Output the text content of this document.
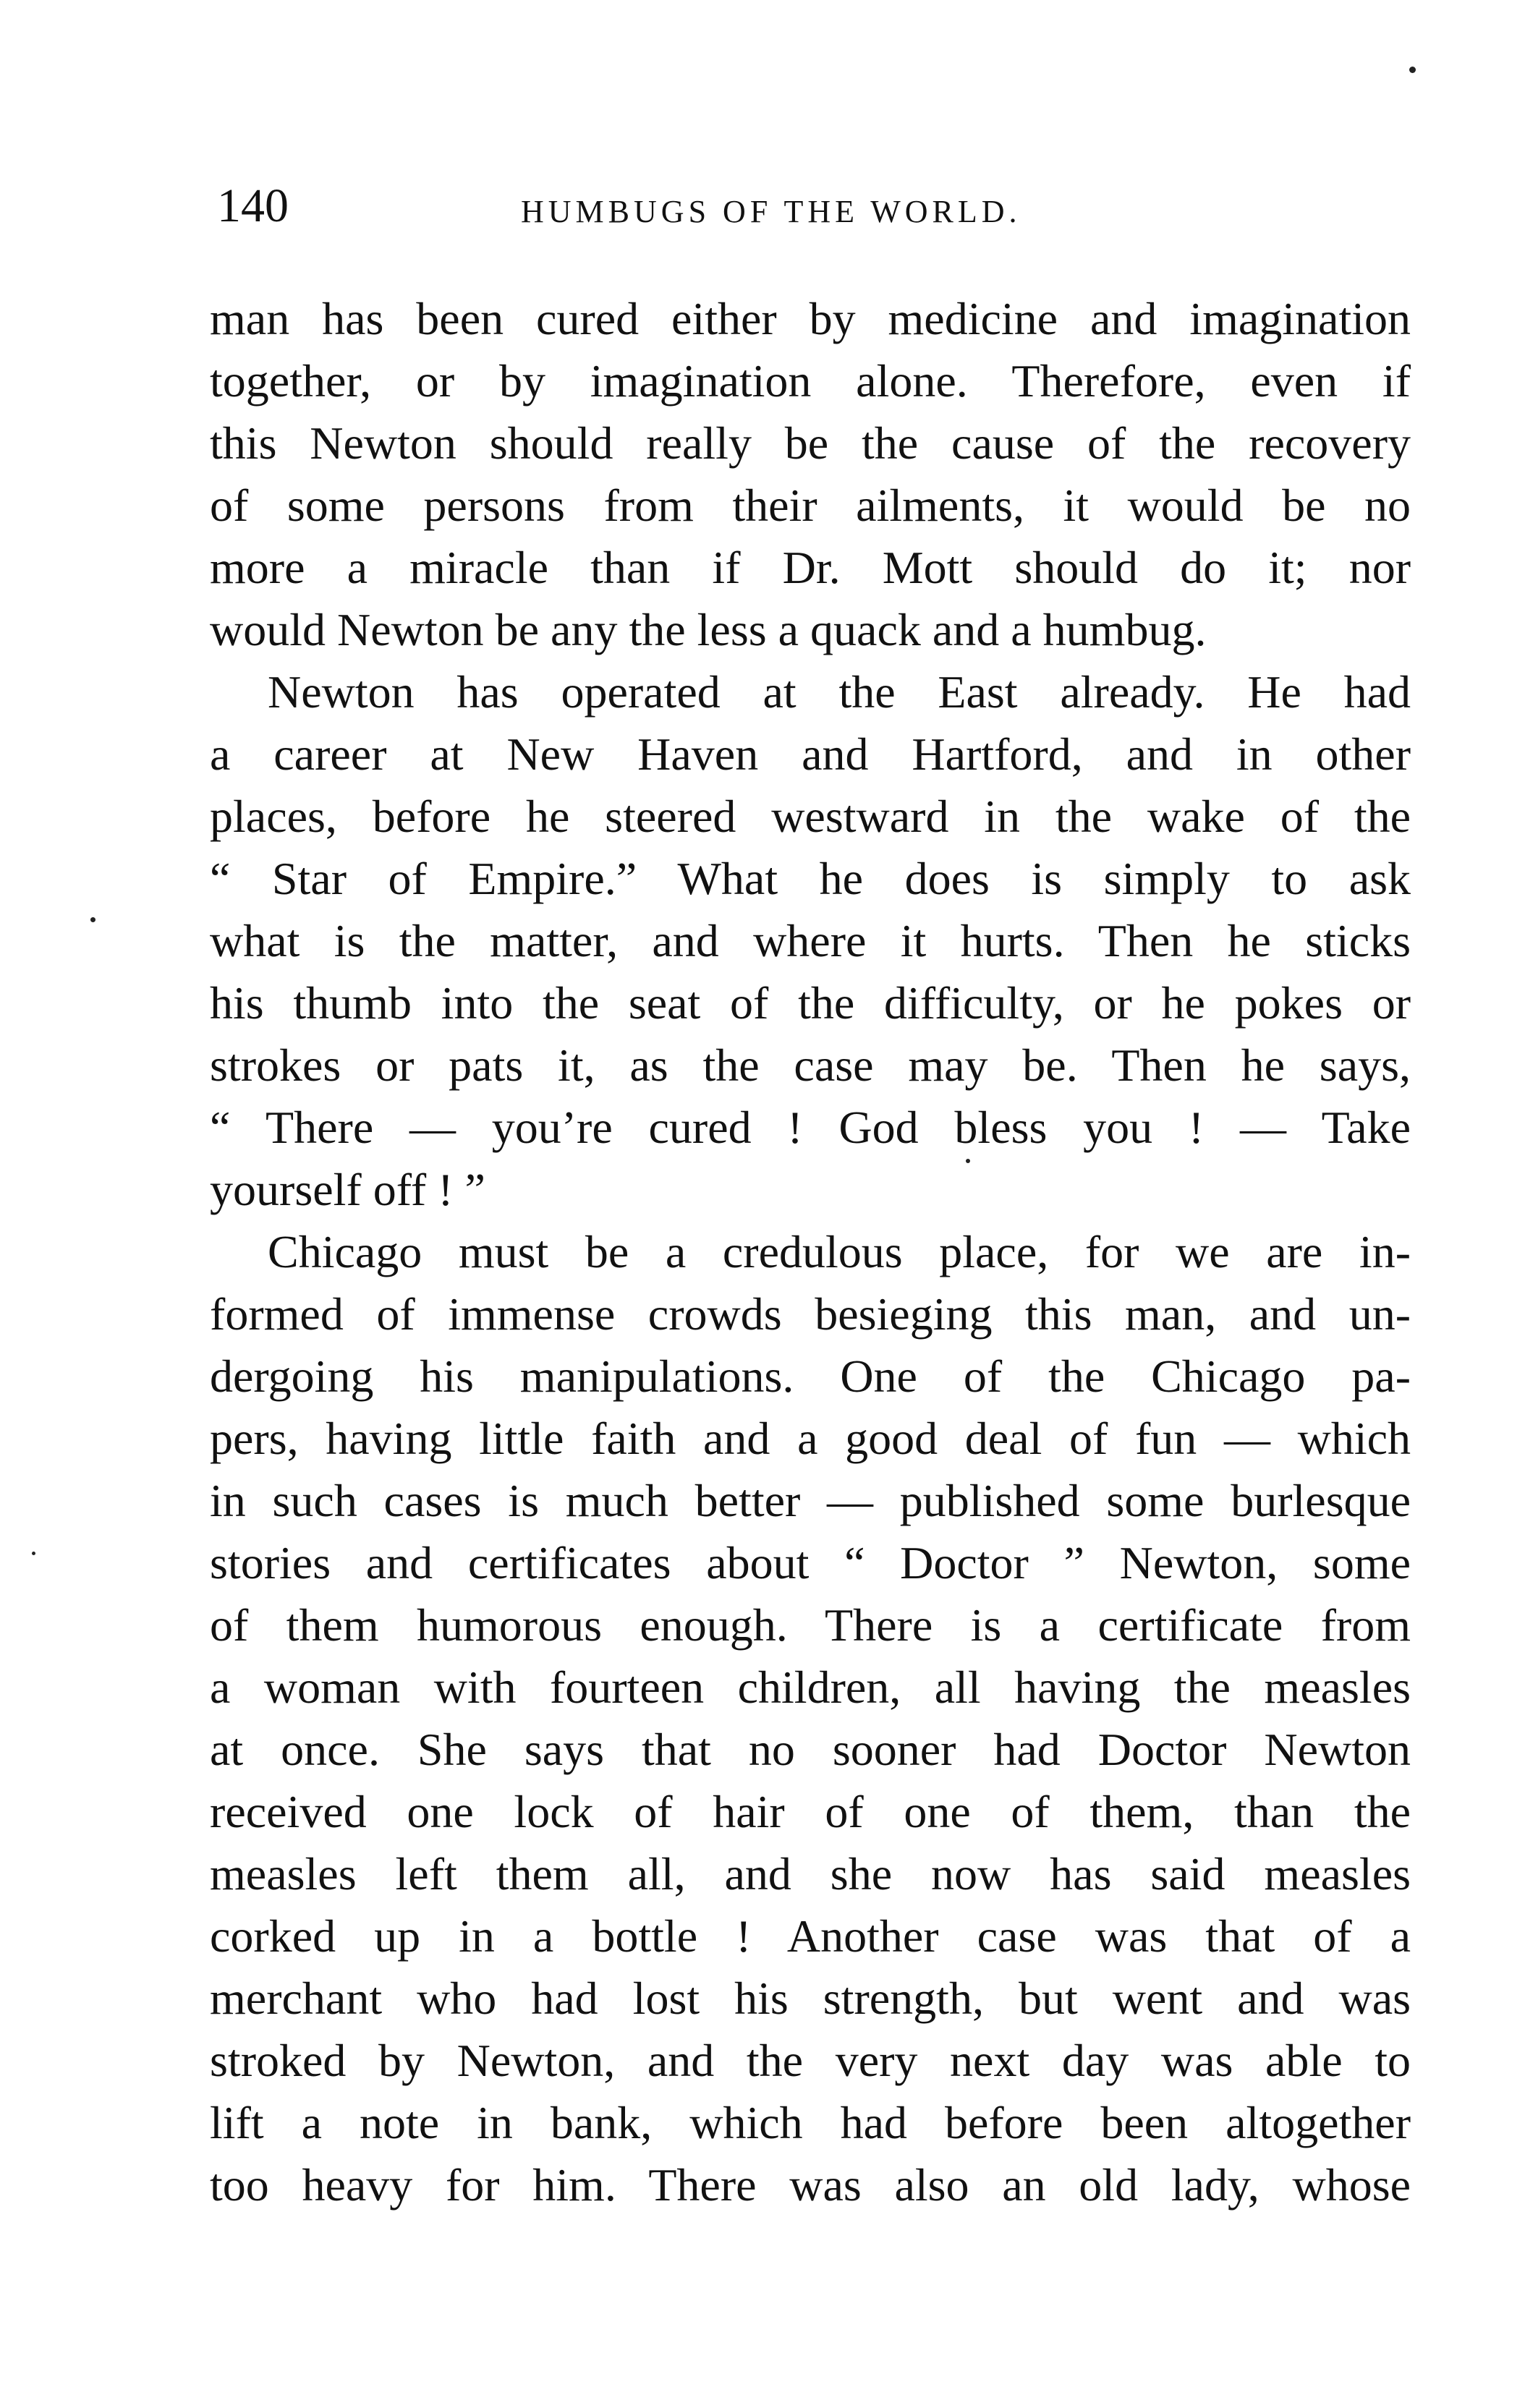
140	HUMBUGS OF THE WORLD.
man has been cured either by medicine and imagination
together, or by imagination alone. Therefore, even if
this Newton should really be the cause of the recovery
of some persons from their ailments, it would be no
more a miracle than if Dr. Mott should do it; nor
would Newton be any the less a quack and a humbug.
Newton has operated at the East already. He had
a career at New Haven and Hartford, and in other
places, before he steered westward in the wake of the
“ Star of Empire.” What he does is simply to ask
what is the matter, and where it hurts. Then he sticks
his thumb into the seat of the difficulty, or he pokes or
strokes or pats it, as the case may be. Then he says,
“ There — you’re cured ! God bless you ! — Take
yourself off ! ”
Chicago must be a credulous place, for we are in-
formed of immense crowds besieging this man, and un-
dergoing his manipulations. One of the Chicago pa-
pers, having little faith and a good deal of fun — which
in such cases is much better — published some burlesque
stories and certificates about “ Doctor ” Newton, some
of them humorous enough. There is a certificate from
a woman with fourteen children, all having the measles
at once. She says that no sooner had Doctor Newton
received one lock of hair of one of them, than the
measles left them all, and she now has said measles
corked up in a bottle ! Another case was that of a
merchant who had lost his strength, but went and was
stroked by Newton, and the very next day was able to
lift a note in bank, which had before been altogether
too heavy for him. There was also an old lady, whose
